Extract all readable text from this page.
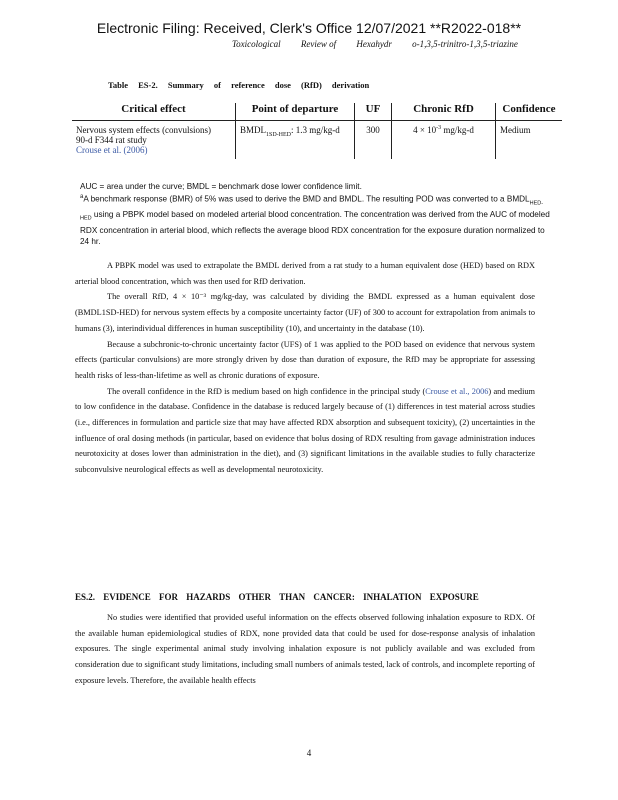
Electronic Filing: Received, Clerk's Office 12/07/2021 **R2022-018**
Toxicological Review of Hexahydr o-1,3,5-trinitro-1,3,5-triazine
Table ES-2. Summary of reference dose (RfD) derivation
Critical effect	Point of departure	UF	Chronic RfD	Confidence

Nervous system effects (convulsions)
90-d F344 rat study
Crouse et al. (2006)	$BMDL_{1SD-HED}$: 1.3 mg/kg-d	300	$4 \times 10^{-3}$ mg/kg-d	Medium

AUC = area under the curve; BMDL = benchmark dose lower confidence limit.

$^a$A benchmark response (BMR) of 5% was used to derive the BMD and BMDL. The resulting POD was converted to a $BMDL_{HED-HED}$ using a PBPK model based on modeled arterial blood concentration. The concentration was derived from the AUC of modeled RDX concentration in arterial blood, which reflects the average blood RDX concentration for the exposure duration normalized to 24 hr.

A PBPK model was used to extrapolate the BMDL derived from a rat study to a human equivalent dose (HED) based on RDX arterial blood concentration, which was then used for RfD derivation.

The overall RfD, 4 × 10⁻³ mg/kg-day, was calculated by dividing the BMDL expressed as a human equivalent dose (BMDL1SD-HED) for nervous system effects by a composite uncertainty factor (UF) of 300 to account for extrapolation from animals to humans (3), interindividual differences in human susceptibility (10), and uncertainty in the database (10).

Because a subchronic-to-chronic uncertainty factor (UFS) of 1 was applied to the POD based on evidence that nervous system effects (particular convulsions) are more strongly driven by dose than duration of exposure, the RfD may be appropriate for assessing health risks of less-than-lifetime as well as chronic durations of exposure.

The overall confidence in the RfD is medium based on high confidence in the principal study (Crouse et al., 2006) and medium to low confidence in the database. Confidence in the database is reduced largely because of (1) differences in test material across studies (i.e., differences in formulation and particle size that may have affected RDX absorption and subsequent toxicity), (2) uncertainties in the influence of oral dosing methods (in particular, based on evidence that bolus dosing of RDX resulting from gavage administration induces neurotoxicity at doses lower than administration in the diet), and (3) significant limitations in the available studies to fully characterize subconvulsive neurological effects as well as developmental neurotoxicity.

ES.2. EVIDENCE FOR HAZARDS OTHER THAN CANCER: INHALATION EXPOSURE

No studies were identified that provided useful information on the effects observed following inhalation exposure to RDX. Of the available human epidemiological studies of RDX, none provided data that could be used for dose-response analysis of inhalation exposures. The single experimental animal study involving inhalation exposure is not publicly available and was excluded from consideration due to significant study limitations, including small numbers of animals tested, lack of controls, and incomplete reporting of exposure levels. Therefore, the available health effects

4
